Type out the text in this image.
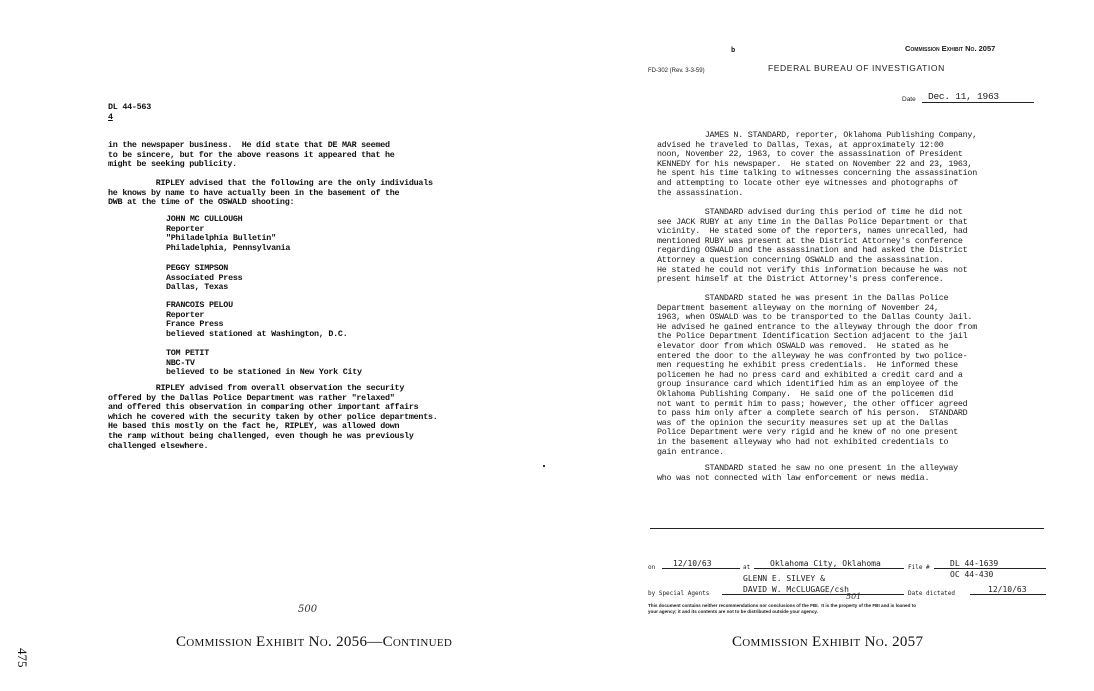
DL 44-563
4
in the newspaper business.  He did state that DE MAR seemed
to be sincere, but for the above reasons it appeared that he
might be seeking publicity.
RIPLEY advised that the following are the only individuals
he knows by name to have actually been in the basement of the
DWB at the time of the OSWALD shooting:
JOHN MC CULLOUGH
Reporter
"Philadelphia Bulletin"
Philadelphia, Pennsylvania
PEGGY SIMPSON
Associated Press
Dallas, Texas
FRANCOIS PELOU
Reporter
France Press
believed stationed at Washington, D.C.
TOM PETIT
NBC-TV
believed to be stationed in New York City
RIPLEY advised from overall observation the security
offered by the Dallas Police Department was rather "relaxed"
and offered this observation in comparing other important affairs
which he covered with the security taken by other police departments.
He based this mostly on the fact he, RIPLEY, was allowed down
the ramp without being challenged, even though he was previously
challenged elsewhere.
500
Commission Exhibit No. 2056—Continued
475
b	Commission Exhibit No. 2057
FD-302 (Rev. 3-3-59)	FEDERAL BUREAU OF INVESTIGATION
Date Dec. 11, 1963
JAMES N. STANDARD, reporter, Oklahoma Publishing Company,
advised he traveled to Dallas, Texas, at approximately 12:00
noon, November 22, 1963, to cover the assassination of President
KENNEDY for his newspaper.  He stated on November 22 and 23, 1963,
he spent his time talking to witnesses concerning the assassination
and attempting to locate other eye witnesses and photographs of
the assassination.
STANDARD advised during this period of time he did not
see JACK RUBY at any time in the Dallas Police Department or that
vicinity.  He stated some of the reporters, names unrecalled, had
mentioned RUBY was present at the District Attorney's conference
regarding OSWALD and the assassination and had asked the District
Attorney a question concerning OSWALD and the assassination.
He stated he could not verify this information because he was not
present himself at the District Attorney's press conference.
STANDARD stated he was present in the Dallas Police
Department basement alleyway on the morning of November 24,
1963, when OSWALD was to be transported to the Dallas County Jail.
He advised he gained entrance to the alleyway through the door from
the Police Department Identification Section adjacent to the jail
elevator door from which OSWALD was removed.  He stated as he
entered the door to the alleyway he was confronted by two police-
men requesting he exhibit press credentials.  He informed these
policemen he had no press card and exhibited a credit card and a
group insurance card which identified him as an employee of the
Oklahoma Publishing Company.  He said one of the policemen did
not want to permit him to pass; however, the other officer agreed
to pass him only after a complete search of his person.  STANDARD
was of the opinion the security measures set up at the Dallas
Police Department were very rigid and he knew of no one present
in the basement alleyway who had not exhibited credentials to
gain entrance.
STANDARD stated he saw no one present in the alleyway
who was not connected with law enforcement or news media.
on 12/10/63	at Oklahoma City, Oklahoma	File #	DL 44-1639
OC 44-430
GLENN E. SILVEY &
by Special Agents	DAVID W. McCLUGAGE/csh	Date dictated	12/10/63
501
This document contains neither recommendations nor conclusions of the FBI.  It is the property of the FBI and is loaned to
your agency; it and its contents are not to be distributed outside your agency.
Commission Exhibit No. 2057
